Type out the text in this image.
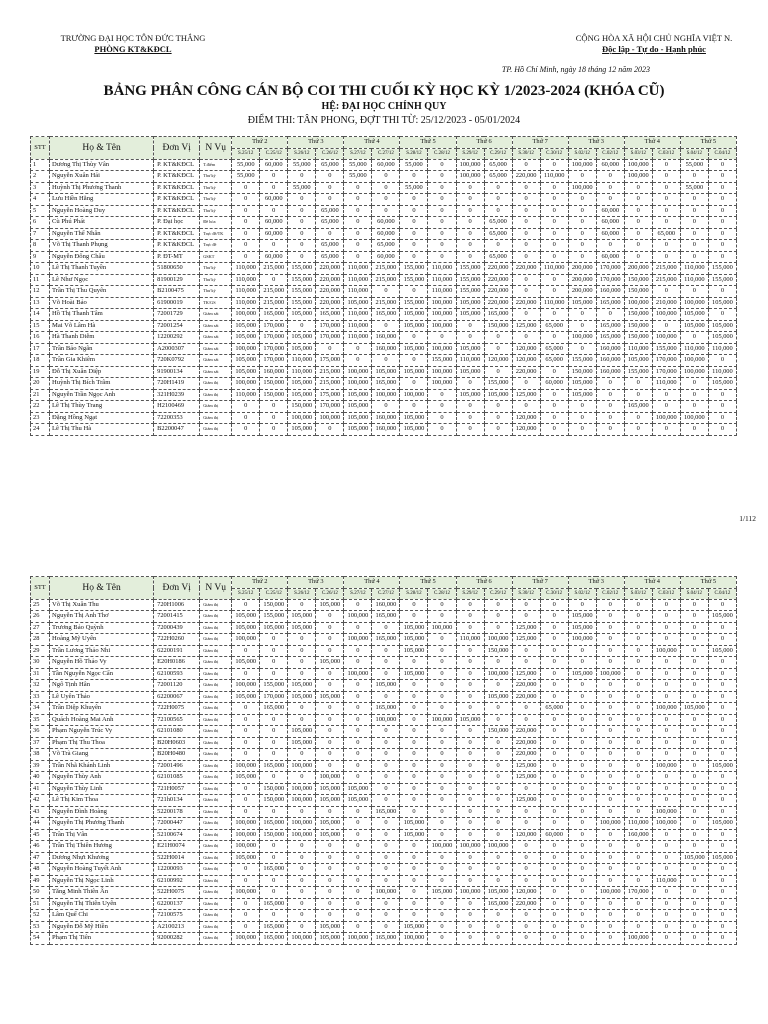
TRƯỜNG ĐẠI HỌC TÔN ĐỨC THẮNG
PHÒNG KT&KĐCL
CỘNG HÒA XÃ HỘI CHỦ NGHĨA VIỆT N.
Độc lập - Tự do - Hạnh phúc
TP. Hồ Chí Minh, ngày 18 tháng 12 năm 2023
BẢNG PHÂN CÔNG CÁN BỘ COI THI CUỐI KỲ HỌC KỲ 1/2023-2024 (KHÓA CŨ)
HỆ: ĐẠI HỌC CHÍNH QUY
ĐIỂM THI: TÂN PHONG, ĐỢT THI TỪ: 25/12/2023 - 05/01/2024
STT	Họ & Tên	Đơn Vị	N Vụ	Thứ 2		Thứ 3		Thứ 4		Thứ 5		Thứ 6		Thứ 7		Thứ 3		Thứ 4		Thứ 5	
				S.25/12	C.25/12	S.26/12	C.26/12	S.27/12	C.27/12	S.28/12	C.28/12	S.29/12	C.29/12	S.30/12	C.30/12	S.02/12	C.02/12	S.03/12	C.03/12	S.04/12	C.04/12
1	Dương Thị Thùy Vân	P. KT&KĐCL	T.điểm	55,000	60,000	55,000	65,000	55,000	60,000	55,000	0	100,000	65,000	0	0	100,000	60,000	100,000	0	55,000	0
2	Nguyễn Xuân Hải	P. KT&KĐCL	Thư ký	55,000	0	0	0	55,000	0	0	0	100,000	65,000	220,000	110,000	0	0	100,000	0	0	0
3	Huỳnh Thị Phương Thanh	P. KT&KĐCL	Thư ký	0	0	55,000	0	0	0	55,000	0	0	0	0	0	100,000	0	0	0	55,000	0
4	Lưu Hiền Hằng	P. KT&KĐCL	Thư ký	0	60,000	0	0	0	0	0	0	0	0	0	0	0	0	0	0	0	0
5	Nguyễn Hoàng Duy	P. KT&KĐCL	Thư ký	0	0	0	65,000	0	0	0	0	0	0	0	0	0	60,000	0	0	0	0
6	Cù Phú Phát	P. Đại học	Đề hỏa	0	60,000	0	65,000	0	60,000	0	0	0	65,000	0	0	0	60,000	0	0	0	0
7	Nguyễn Thế Nhân	P. KT&KĐCL	Trực đề/TK	0	60,000	0	0	0	60,000	0	0	0	65,000	0	0	0	60,000	0	65,000	0	0
8	Võ Thị Thanh Phụng	P. KT&KĐCL	Trực đề	0	0	0	65,000	0	65,000	0	0	0	0	0	0	0	0	0	0	0	0
9	Nguyễn Đông Châu	P. ĐT-MT	GSKT	0	60,000	0	65,000	0	60,000	0	0	0	65,000	0	0	0	60,000	0	0	0	0
10	Lê Thị Thanh Tuyền	51800650	Thư ký	110,000	215,000	155,000	220,000	110,000	215,000	155,000	110,000	155,000	220,000	220,000	110,000	200,000	170,000	200,000	215,000	110,000	155,000
11	Lê Như Ngọc	81900129	Thư ký	110,000	0	155,000	220,000	110,000	215,000	155,000	110,000	155,000	220,000	0	0	200,000	170,000	150,000	215,000	110,000	155,000
12	Trần Thị Thu Quyên	B2100475	Thư ký	110,000	215,000	155,000	220,000	110,000	0	0	110,000	155,000	220,000	0	0	200,000	160,000	150,000	0	0	0
13	Võ Hoài Bảo	61900019	TK/GS	110,000	215,000	155,000	220,000	105,000	215,000	155,000	100,000	105,000	220,000	220,000	110,000	105,000	165,000	100,000	210,000	100,000	105,000
14	Hồ Thị Thanh Tâm	72001729	Giám sát	100,000	165,000	105,000	165,000	110,000	165,000	105,000	100,000	105,000	165,000	0	0	0	0	150,000	100,000	105,000	0
15	Mai Võ Lâm Hà	72001254	Giám sát	105,000	170,000	0	170,000	110,000	0	105,000	100,000	0	150,000	125,000	65,000	0	165,000	150,000	0	105,000	105,000
16	Hà Thanh Diễm	12200292	Giám sát	105,000	170,000	105,000	170,000	110,000	160,000	0	0	0	0	0	0	100,000	165,000	150,000	100,000	0	105,000
17	Trần Bảo Ngân	A2000307	Giám sát	100,000	170,000	105,000	0	0	160,000	105,000	100,000	105,000	0	120,000	65,000	0	160,000	110,000	155,000	110,000	110,000
18	Trần Gia Khiêm	720K0792	Giám sát	105,000	170,000	110,000	175,000	0	0	0	155,000	110,000	120,000	120,000	65,000	155,000	160,000	105,000	170,000	100,000	0
19	Đỗ Thị Xuân Diệp	91900134	Giám sát	105,000	160,000	110,000	215,000	100,000	105,000	105,000	100,000	105,000	0	220,000	0	150,000	160,000	155,000	170,000	100,000	110,000
20	Huỳnh Thị Bích Trâm	720H1419	Giám thị	100,000	150,000	105,000	215,000	100,000	165,000	0	100,000	0	155,000	0	60,000	105,000	0	0	110,000	0	105,000
21	Nguyễn Trần Ngọc Anh	321H0239	Giám thị	110,000	150,000	105,000	175,000	105,000	100,000	100,000	0	105,000	105,000	125,000	0	105,000	0	0	0	0	0
22	Lê Thị Thùy Trang	H2100469	Giám thị	0	0	150,000	170,000	105,000	0	0	0	0	0	0	0	0	0	165,000	0	0	0
23	Đặng Hồng Ngạt	72200353	Giám thị	0	0	100,000	100,000	105,000	160,000	105,000	0	0	0	120,000	0	0	0	0	100,000	100,000	0
24	Lê Thị Thu Hà	B2200047	Giám thị	0	0	105,000	0	105,000	160,000	105,000	0	0	0	120,000	0	0	0	0	0	0	0
1/112
STT	Họ & Tên	Đơn Vị	N Vụ	Thứ 2		Thứ 3		Thứ 4		Thứ 5		Thứ 6		Thứ 7		Thứ 3		Thứ 4		Thứ 5	
				S.25/12	C.25/12	S.26/12	C.26/12	S.27/12	C.27/12	S.28/12	C.28/12	S.29/12	C.29/12	S.30/12	C.30/12	S.02/12	C.02/12	S.03/12	C.03/12	S.04/12	C.04/12
25	Võ Thị Xuân Thu	720H1006	Giám thị	0	150,000	0	105,000	0	160,000	0	0	0	0	0	0	0	0	0	0	0	0
26	Nguyễn Thị Anh Thơ	72001415	Giám thị	105,000	155,000	105,000	0	100,000	165,000	0	0	0	0	0	0	105,000	0	0	0	0	105,000
27	Trương Bảo Quỳnh	72000439	Giám thị	105,000	105,000	105,000	0	0	0	105,000	100,000	0	0	125,000	0	105,000	0	0	0	0	0
28	Hoàng Mỹ Uyên	722H0260	Giám thị	100,000	0	0	0	100,000	165,000	105,000	0	110,000	100,000	125,000	0	100,000	0	0	0	0	0
29	Trần Lương Thảo Nhi	62200191	Giám thị	0	0	0	0	0	0	105,000	0	0	150,000	0	0	0	0	0	100,000	0	105,000
30	Nguyễn Hồ Thảo Vy	E20H0186	Giám thị	105,000	0	0	105,000	0	0	0	0	0	0	0	0	0	0	0	0	0	0
31	Tần Nguyễn Ngọc Cẩn	62100593	Giám thị	0	0	0	0	100,000	0	105,000	0	0	100,000	125,000	0	105,000	100,000	0	0	0	0
32	Ngô Tịnh Hân	72001120	Giám thị	100,000	155,000	105,000	0	0	105,000	0	0	0	0	220,000	0	0	0	0	0	0	0
33	Lê Uyên Thảo	62200067	Giám thị	105,000	170,000	105,000	105,000	0	0	0	0	0	105,000	220,000	0	0	0	0	0	0	0
34	Trần Diệp Khuyên	722H0075	Giám thị	0	165,000	0	0	0	165,000	0	0	0	0	0	65,000	0	0	0	100,000	105,000	0
35	Quách Hoàng Mai Anh	72100565	Giám thị	0	0	0	0	0	100,000	0	100,000	105,000	0	0	0	0	0	0	0	0	0
36	Phạm Nguyễn Trúc Vy	62101080	Giám thị	0	0	105,000	0	0	0	0	0	0	150,000	220,000	0	0	0	0	0	0	0
37	Phạm Thị Thu Thoa	B20H0603	Giám thị	0	0	105,000	0	0	0	0	0	0	0	220,000	0	0	0	0	0	0	0
38	Võ Trà Giang	B20H0480	Giám thị	0	0	0	0	0	0	0	0	0	0	220,000	0	0	0	0	0	0	0
39	Trần Nhã Khánh Linh	72001496	Giám thị	100,000	165,000	100,000	0	0	0	0	0	0	0	125,000	0	0	0	0	100,000	0	105,000
40	Nguyễn Thùy Anh	62101085	Giám thị	105,000	0	0	100,000	0	0	0	0	0	0	125,000	0	0	0	0	0	0	0
41	Nguyễn Thùy Linh	721H0057	Giám thị	0	150,000	100,000	105,000	105,000	0	0	0	0	0	0	0	0	0	0	0	0	0
42	Lê Thị Kim Thoa	721h0134	Giám thị	0	150,000	100,000	105,000	105,000	0	0	0	0	0	125,000	0	0	0	0	0	0	0
43	Nguyễn Đình Hoàng	52200178	Giám thị	0	0	0	0	0	165,000	0	0	0	0	0	0	0	0	0	100,000	0	0
44	Nguyễn Thị Phương Thanh	72000447	Giám thị	100,000	165,000	100,000	105,000	0	0	105,000	0	0	0	0	0	0	100,000	110,000	100,000	0	105,000
45	Trần Thị Vân	52100674	Giám thị	100,000	150,000	100,000	105,000	0	0	105,000	0	0	0	120,000	60,000	0	0	160,000	0	0	0
46	Trần Thị Thiên Hương	E21H0074	Giám thị	100,000	0	0	0	0	0	0	100,000	100,000	100,000	0	0	0	0	0	0	0	0
47	Dương Nhựt Khương	522H0014	Giám thị	105,000	0	0	0	0	0	0	0	0	0	0	0	0	0	0	0	105,000	105,000
48	Nguyễn Hoàng Tuyết Anh	12200093	Giám thị	0	165,000	0	0	0	0	0	0	0	0	0	0	0	0	0	0	0	0
49	Nguyễn Thị Ngọc Linh	62100992	Giám thị	0	0	0	0	0	0	0	0	0	0	0	0	0	0	0	110,000	0	0
50	Tăng Minh Thiên Ân	522H0075	Giám thị	100,000	0	0	0	0	100,000	0	105,000	100,000	105,000	120,000	0	0	100,000	170,000	0	0	0
51	Nguyễn Thị Thiên Uyên	62200137	Giám thị	0	165,000	0	0	0	0	0	0	0	165,000	220,000	0	0	0	0	0	0	0
52	Lâm Quế Chi	72100575	Giám thị	0	0	0	0	0	0	0	0	0	0	0	0	0	0	0	0	0	0
53	Nguyễn Đỗ Mỹ Hiền	A2100213	Giám thị	0	165,000	0	105,000	0	0	105,000	0	0	0	0	0	0	0	0	0	0	0
54	Phạm Thị Tiên	92000282	Giám thị	100,000	165,000	100,000	105,000	100,000	165,000	100,000	0	0	0	0	0	0	0	100,000	0	0	0
